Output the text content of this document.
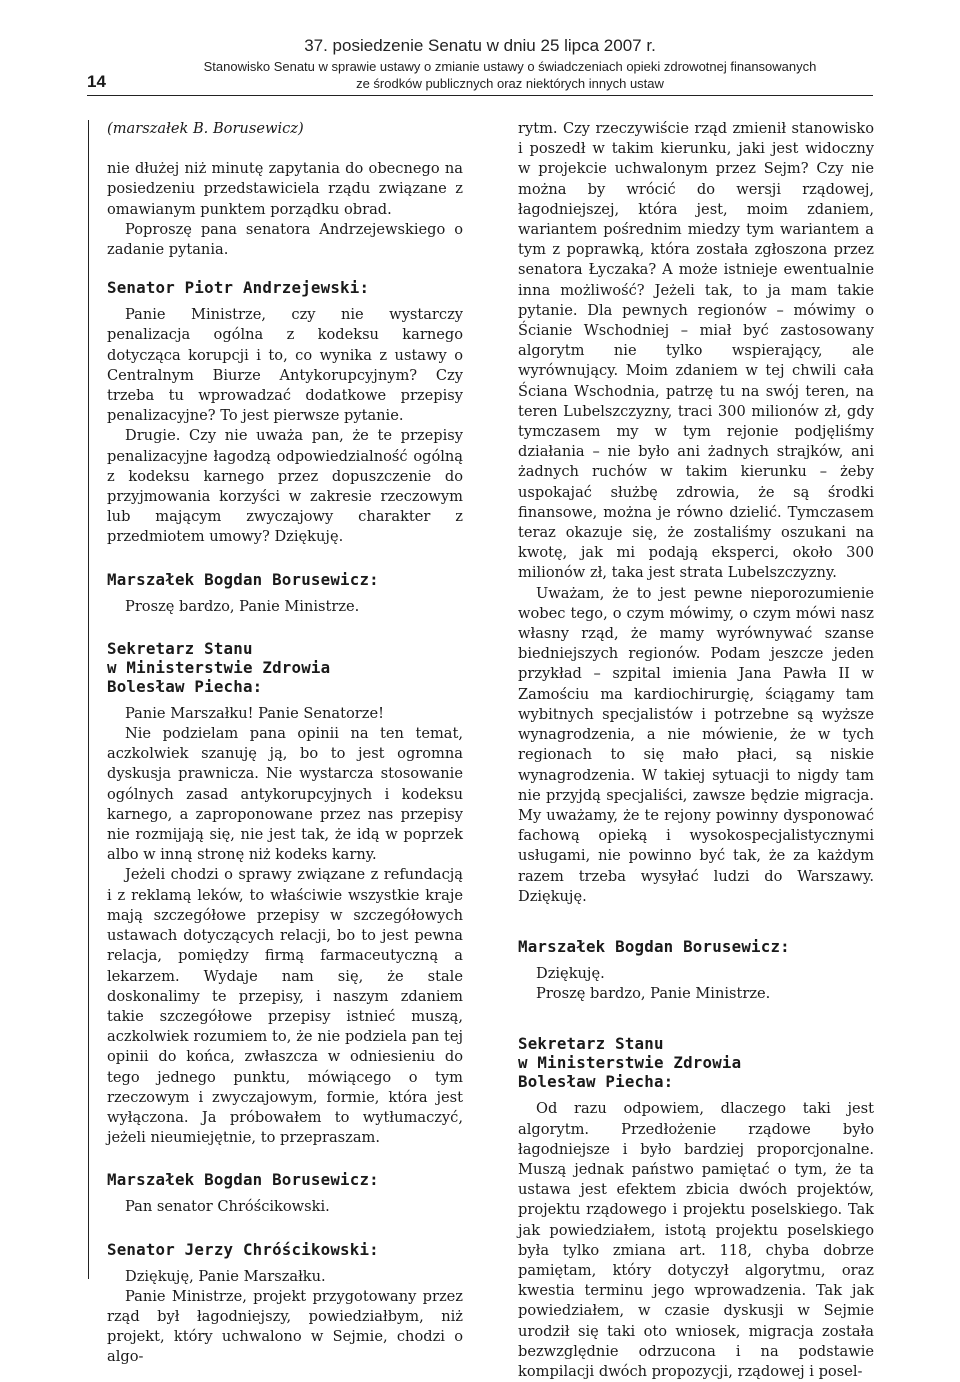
37. posiedzenie Senatu w dniu 25 lipca 2007 r.
Stanowisko Senatu w sprawie ustawy o zmianie ustawy o świadczeniach opieki zdrowotnej finansowanych
ze środków publicznych oraz niektórych innych ustaw
14

(marszałek B. Borusewicz)

nie dłużej niż minutę zapytania do obecnego na posiedzeniu przedstawiciela rządu związane z omawianym punktem porządku obrad.

Poproszę pana senatora Andrzejewskiego o zadanie pytania.

Senator Piotr Andrzejewski:

Panie Ministrze, czy nie wystarczy penalizacja ogólna z kodeksu karnego dotycząca korupcji i to, co wynika z ustawy o Centralnym Biurze Antykorupcyjnym? Czy trzeba tu wprowadzać dodatkowe przepisy penalizacyjne? To jest pierwsze pytanie.

Drugie. Czy nie uważa pan, że te przepisy penalizacyjne łagodzą odpowiedzialność ogólną z kodeksu karnego przez dopuszczenie do przyjmowania korzyści w zakresie rzeczowym lub mającym zwyczajowy charakter z przedmiotem umowy? Dziękuję.

Marszałek Bogdan Borusewicz:

Proszę bardzo, Panie Ministrze.

Sekretarz Stanu
w Ministerstwie Zdrowia
Bolesław Piecha:

Panie Marszałku! Panie Senatorze!

Nie podzielam pana opinii na ten temat, aczkolwiek szanuję ją, bo to jest ogromna dyskusja prawnicza. Nie wystarcza stosowanie ogólnych zasad antykorupcyjnych i kodeksu karnego, a zaproponowane przez nas przepisy nie rozmijają się, nie jest tak, że idą w poprzek albo w inną stronę niż kodeks karny.

Jeżeli chodzi o sprawy związane z refundacją i z reklamą leków, to właściwie wszystkie kraje mają szczegółowe przepisy w szczegółowych ustawach dotyczących relacji, bo to jest pewna relacja, pomiędzy firmą farmaceutyczną a lekarzem. Wydaje nam się, że stale doskonalimy te przepisy, i naszym zdaniem takie szczegółowe przepisy istnieć muszą, aczkolwiek rozumiem to, że nie podziela pan tej opinii do końca, zwłaszcza w odniesieniu do tego jednego punktu, mówiącego o tym rzeczowym i zwyczajowym, formie, która jest wyłączona. Ja próbowałem to wytłumaczyć, jeżeli nieumiejętnie, to przepraszam.

Marszałek Bogdan Borusewicz:

Pan senator Chróścikowski.

Senator Jerzy Chróścikowski:

Dziękuję, Panie Marszałku.

Panie Ministrze, projekt przygotowany przez rząd był łagodniejszy, powiedziałbym, niż projekt, który uchwalono w Sejmie, chodzi o algo-

rytm. Czy rzeczywiście rząd zmienił stanowisko i poszedł w takim kierunku, jaki jest widoczny w projekcie uchwalonym przez Sejm? Czy nie można by wrócić do wersji rządowej, łagodniejszej, która jest, moim zdaniem, wariantem pośrednim miedzy tym wariantem a tym z poprawką, która została zgłoszona przez senatora Łyczaka? A może istnieje ewentualnie inna możliwość? Jeżeli tak, to ja mam takie pytanie. Dla pewnych regionów – mówimy o Ścianie Wschodniej – miał być zastosowany algorytm nie tylko wspierający, ale wyrównujący. Moim zdaniem w tej chwili cała Ściana Wschodnia, patrzę tu na swój teren, na teren Lubelszczyzny, traci 300 milionów zł, gdy tymczasem my w tym rejonie podjęliśmy działania – nie było ani żadnych strajków, ani żadnych ruchów w takim kierunku – żeby uspokajać służbę zdrowia, że są środki finansowe, można je równo dzielić. Tymczasem teraz okazuje się, że zostaliśmy oszukani na kwotę, jak mi podają eksperci, około 300 milionów zł, taka jest strata Lubelszczyzny.

Uważam, że to jest pewne nieporozumienie wobec tego, o czym mówimy, o czym mówi nasz własny rząd, że mamy wyrównywać szanse biedniejszych regionów. Podam jeszcze jeden przykład – szpital imienia Jana Pawła II w Zamościu ma kardiochirurgię, ściągamy tam wybitnych specjalistów i potrzebne są wyższe wynagrodzenia, a nie mówienie, że w tych regionach to się mało płaci, są niskie wynagrodzenia. W takiej sytuacji to nigdy tam nie przyjdą specjaliści, zawsze będzie migracja. My uważamy, że te rejony powinny dysponować fachową opieką i wysokospecjalistycznymi usługami, nie powinno być tak, że za każdym razem trzeba wysyłać ludzi do Warszawy. Dziękuję.

Marszałek Bogdan Borusewicz:

Dziękuję.

Proszę bardzo, Panie Ministrze.

Sekretarz Stanu
w Ministerstwie Zdrowia
Bolesław Piecha:

Od razu odpowiem, dlaczego taki jest algorytm. Przedłożenie rządowe było łagodniejsze i było bardziej proporcjonalne. Muszą jednak państwo pamiętać o tym, że ta ustawa jest efektem zbicia dwóch projektów, projektu rządowego i projektu poselskiego. Tak jak powiedziałem, istotą projektu poselskiego była tylko zmiana art. 118, chyba dobrze pamiętam, który dotyczył algorytmu, oraz kwestia terminu jego wprowadzenia. Tak jak powiedziałem, w czasie dyskusji w Sejmie urodził się taki oto wniosek, migracja została bezwzględnie odrzucona i na podstawie kompilacji dwóch propozycji, rządowej i posel-
